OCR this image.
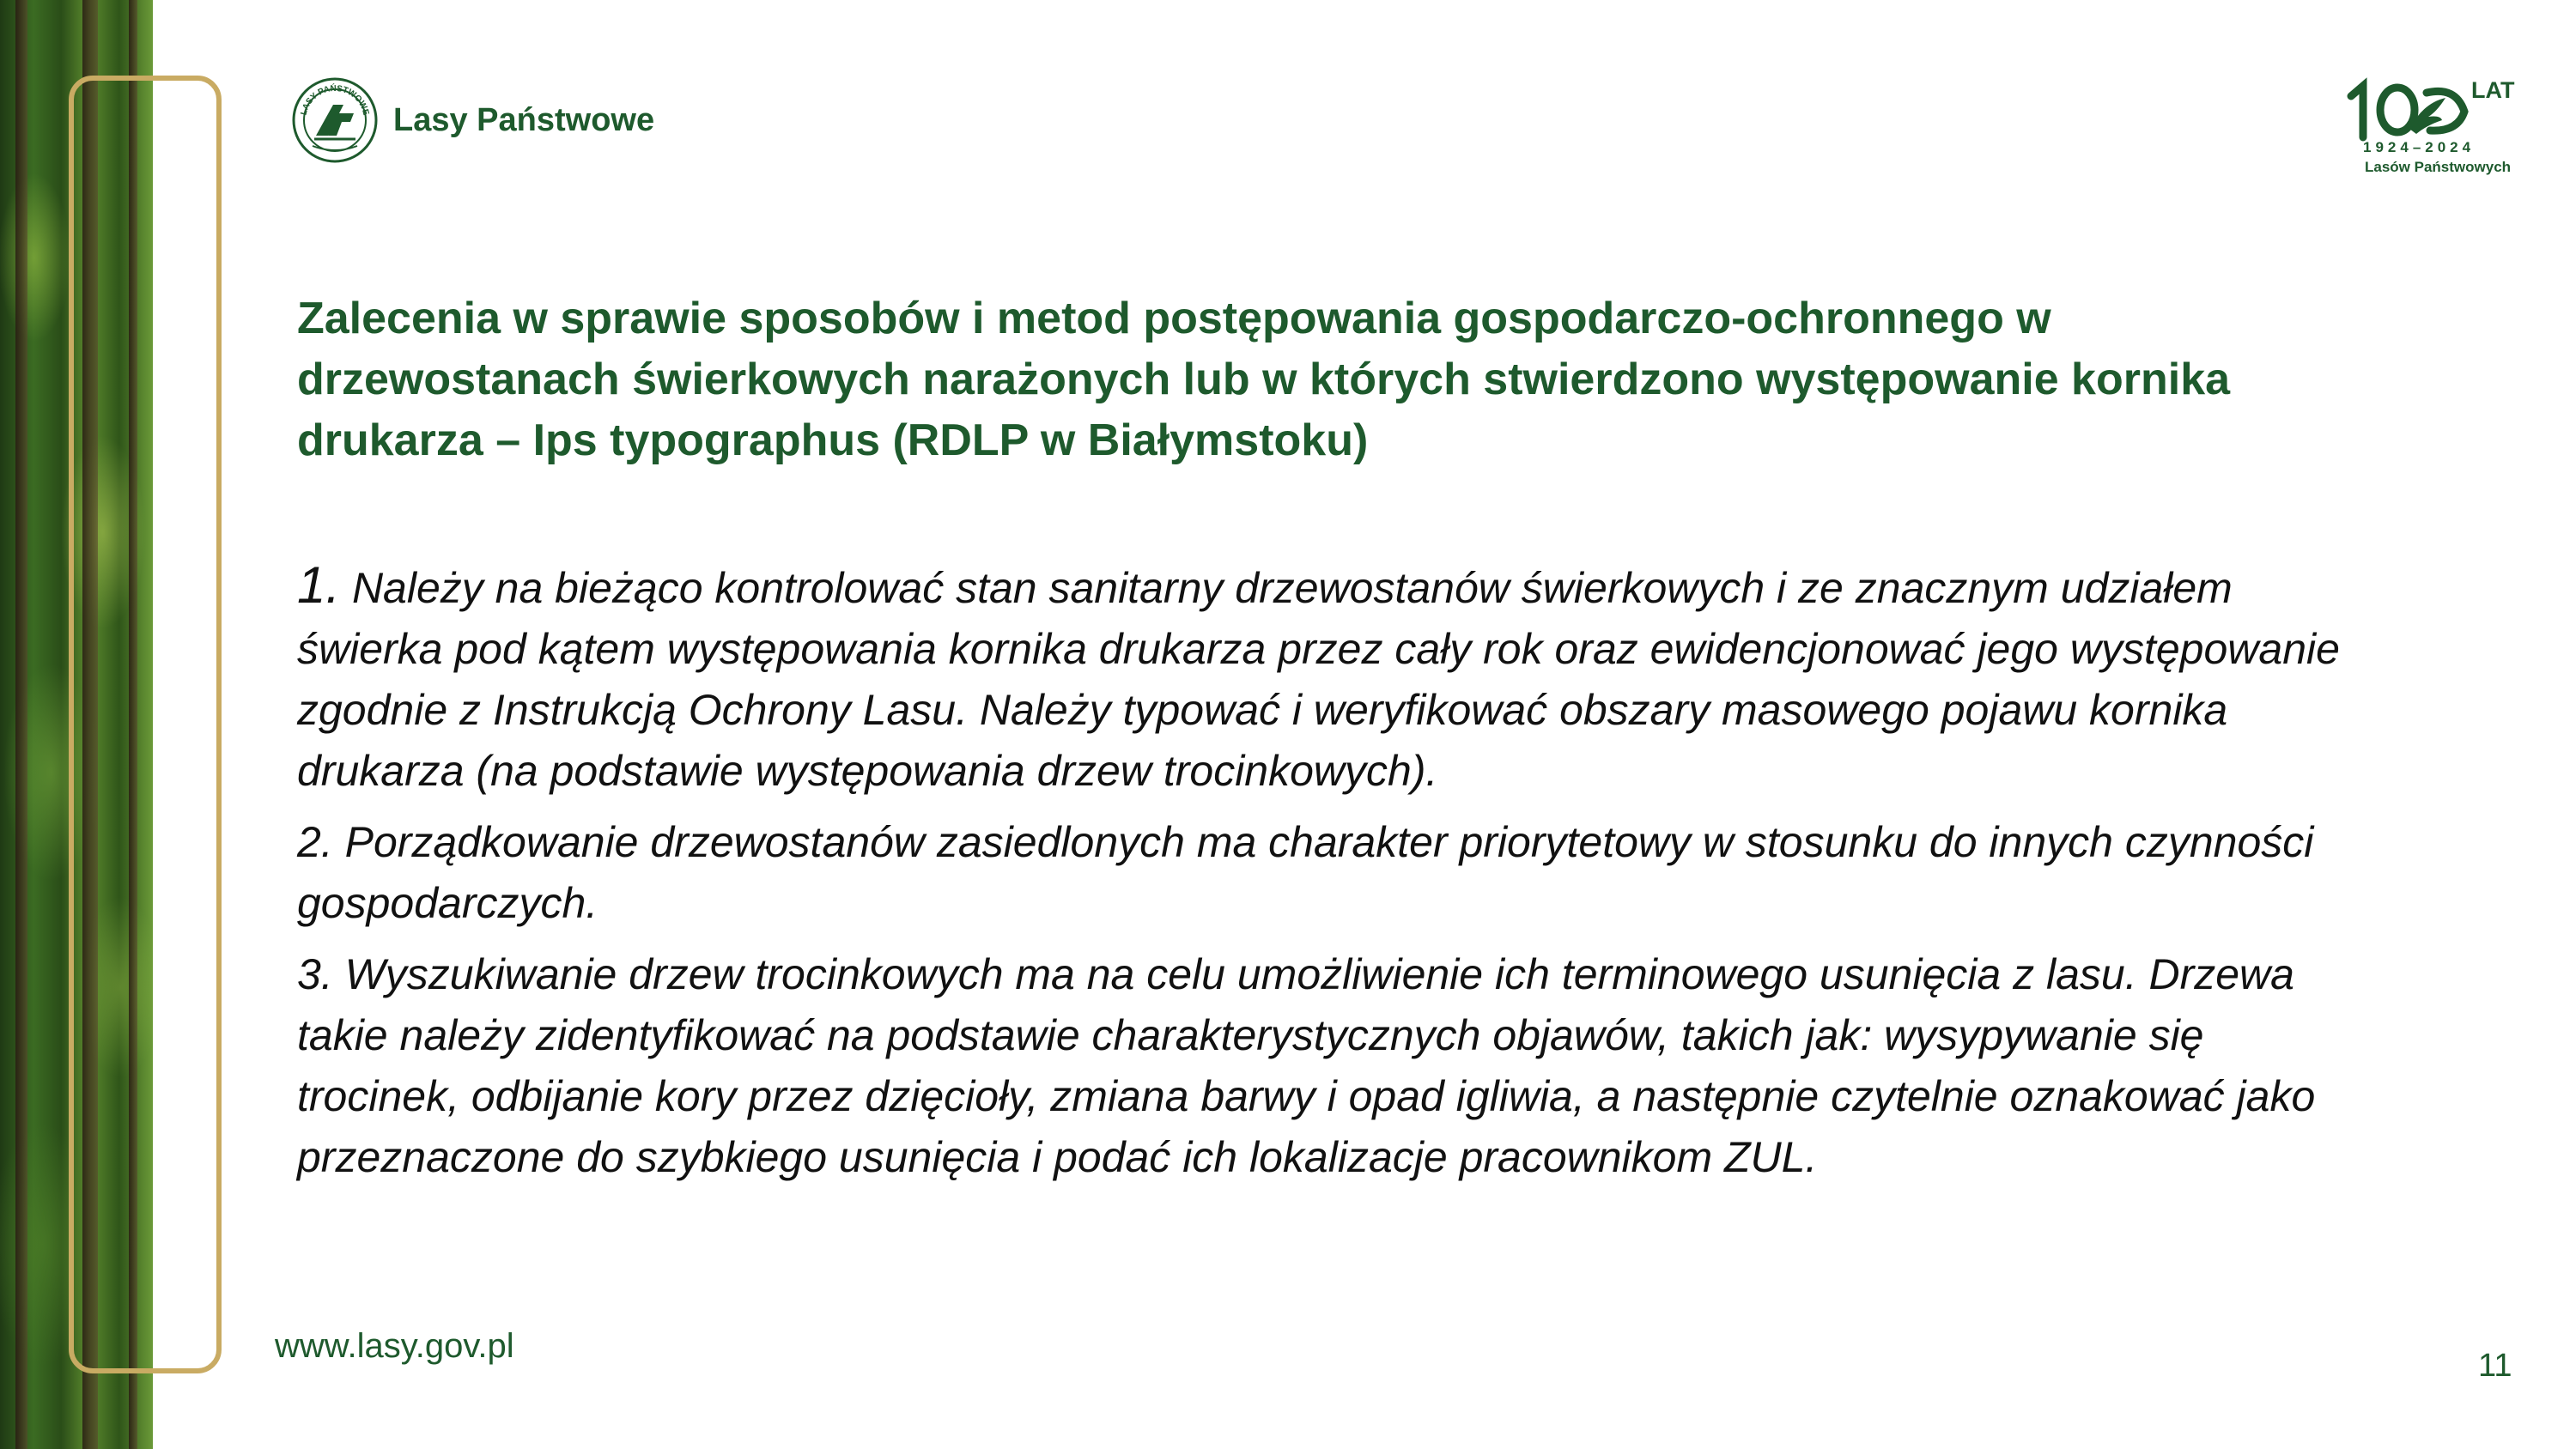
LASY PAŃSTWOWE Lasy Państwowe
LAT
1924–2024
Lasów Państwowych
Zalecenia w sprawie sposobów i metod postępowania gospodarczo-ochronnego w drzewostanach świerkowych narażonych lub w których stwierdzono występowanie kornika drukarza – Ips typographus (RDLP w Białymstoku)

1. Należy na bieżąco kontrolować stan sanitarny drzewostanów świerkowych i ze znacznym udziałem świerka pod kątem występowania kornika drukarza przez cały rok oraz ewidencjonować jego występowanie zgodnie z Instrukcją Ochrony Lasu. Należy typować i weryfikować obszary masowego pojawu kornika drukarza (na podstawie występowania drzew trocinkowych).

2. Porządkowanie drzewostanów zasiedlonych ma charakter priorytetowy w stosunku do innych czynności gospodarczych.

3. Wyszukiwanie drzew trocinkowych ma na celu umożliwienie ich terminowego usunięcia z lasu. Drzewa takie należy zidentyfikować na podstawie charakterystycznych objawów, takich jak: wysypywanie się trocinek, odbijanie kory przez dzięcioły, zmiana barwy i opad igliwia, a następnie czytelnie oznakować jako przeznaczone do szybkiego usunięcia i podać ich lokalizacje pracownikom ZUL.

www.lasy.gov.pl
11
